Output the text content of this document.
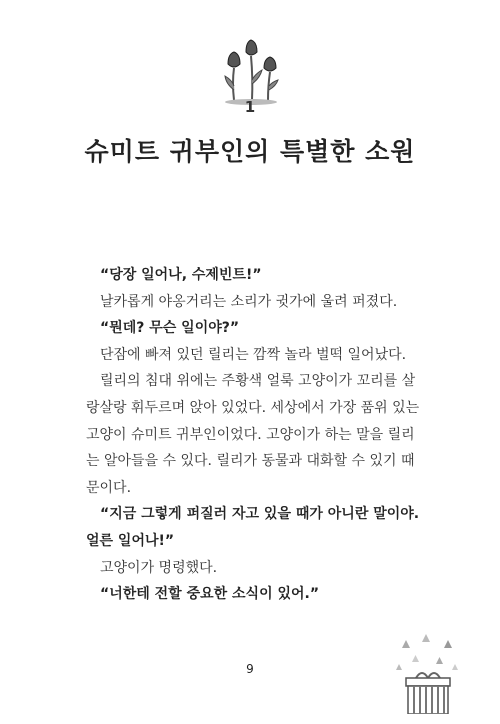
1
슈미트 귀부인의 특별한 소원
“당장 일어나, 수제빈트!”
날카롭게 야옹거리는 소리가 귓가에 울려 퍼졌다.
“뭔데? 무슨 일이야?”
단잠에 빠져 있던 릴리는 깜짝 놀라 벌떡 일어났다.
릴리의 침대 위에는 주황색 얼룩 고양이가 꼬리를 살
랑살랑 휘두르며 앉아 있었다. 세상에서 가장 품위 있는
고양이 슈미트 귀부인이었다. 고양이가 하는 말을 릴리
는 알아들을 수 있다. 릴리가 동물과 대화할 수 있기 때
문이다.
“지금 그렇게 퍼질러 자고 있을 때가 아니란 말이야.
얼른 일어나!”
고양이가 명령했다.
“너한테 전할 중요한 소식이 있어.”
9
